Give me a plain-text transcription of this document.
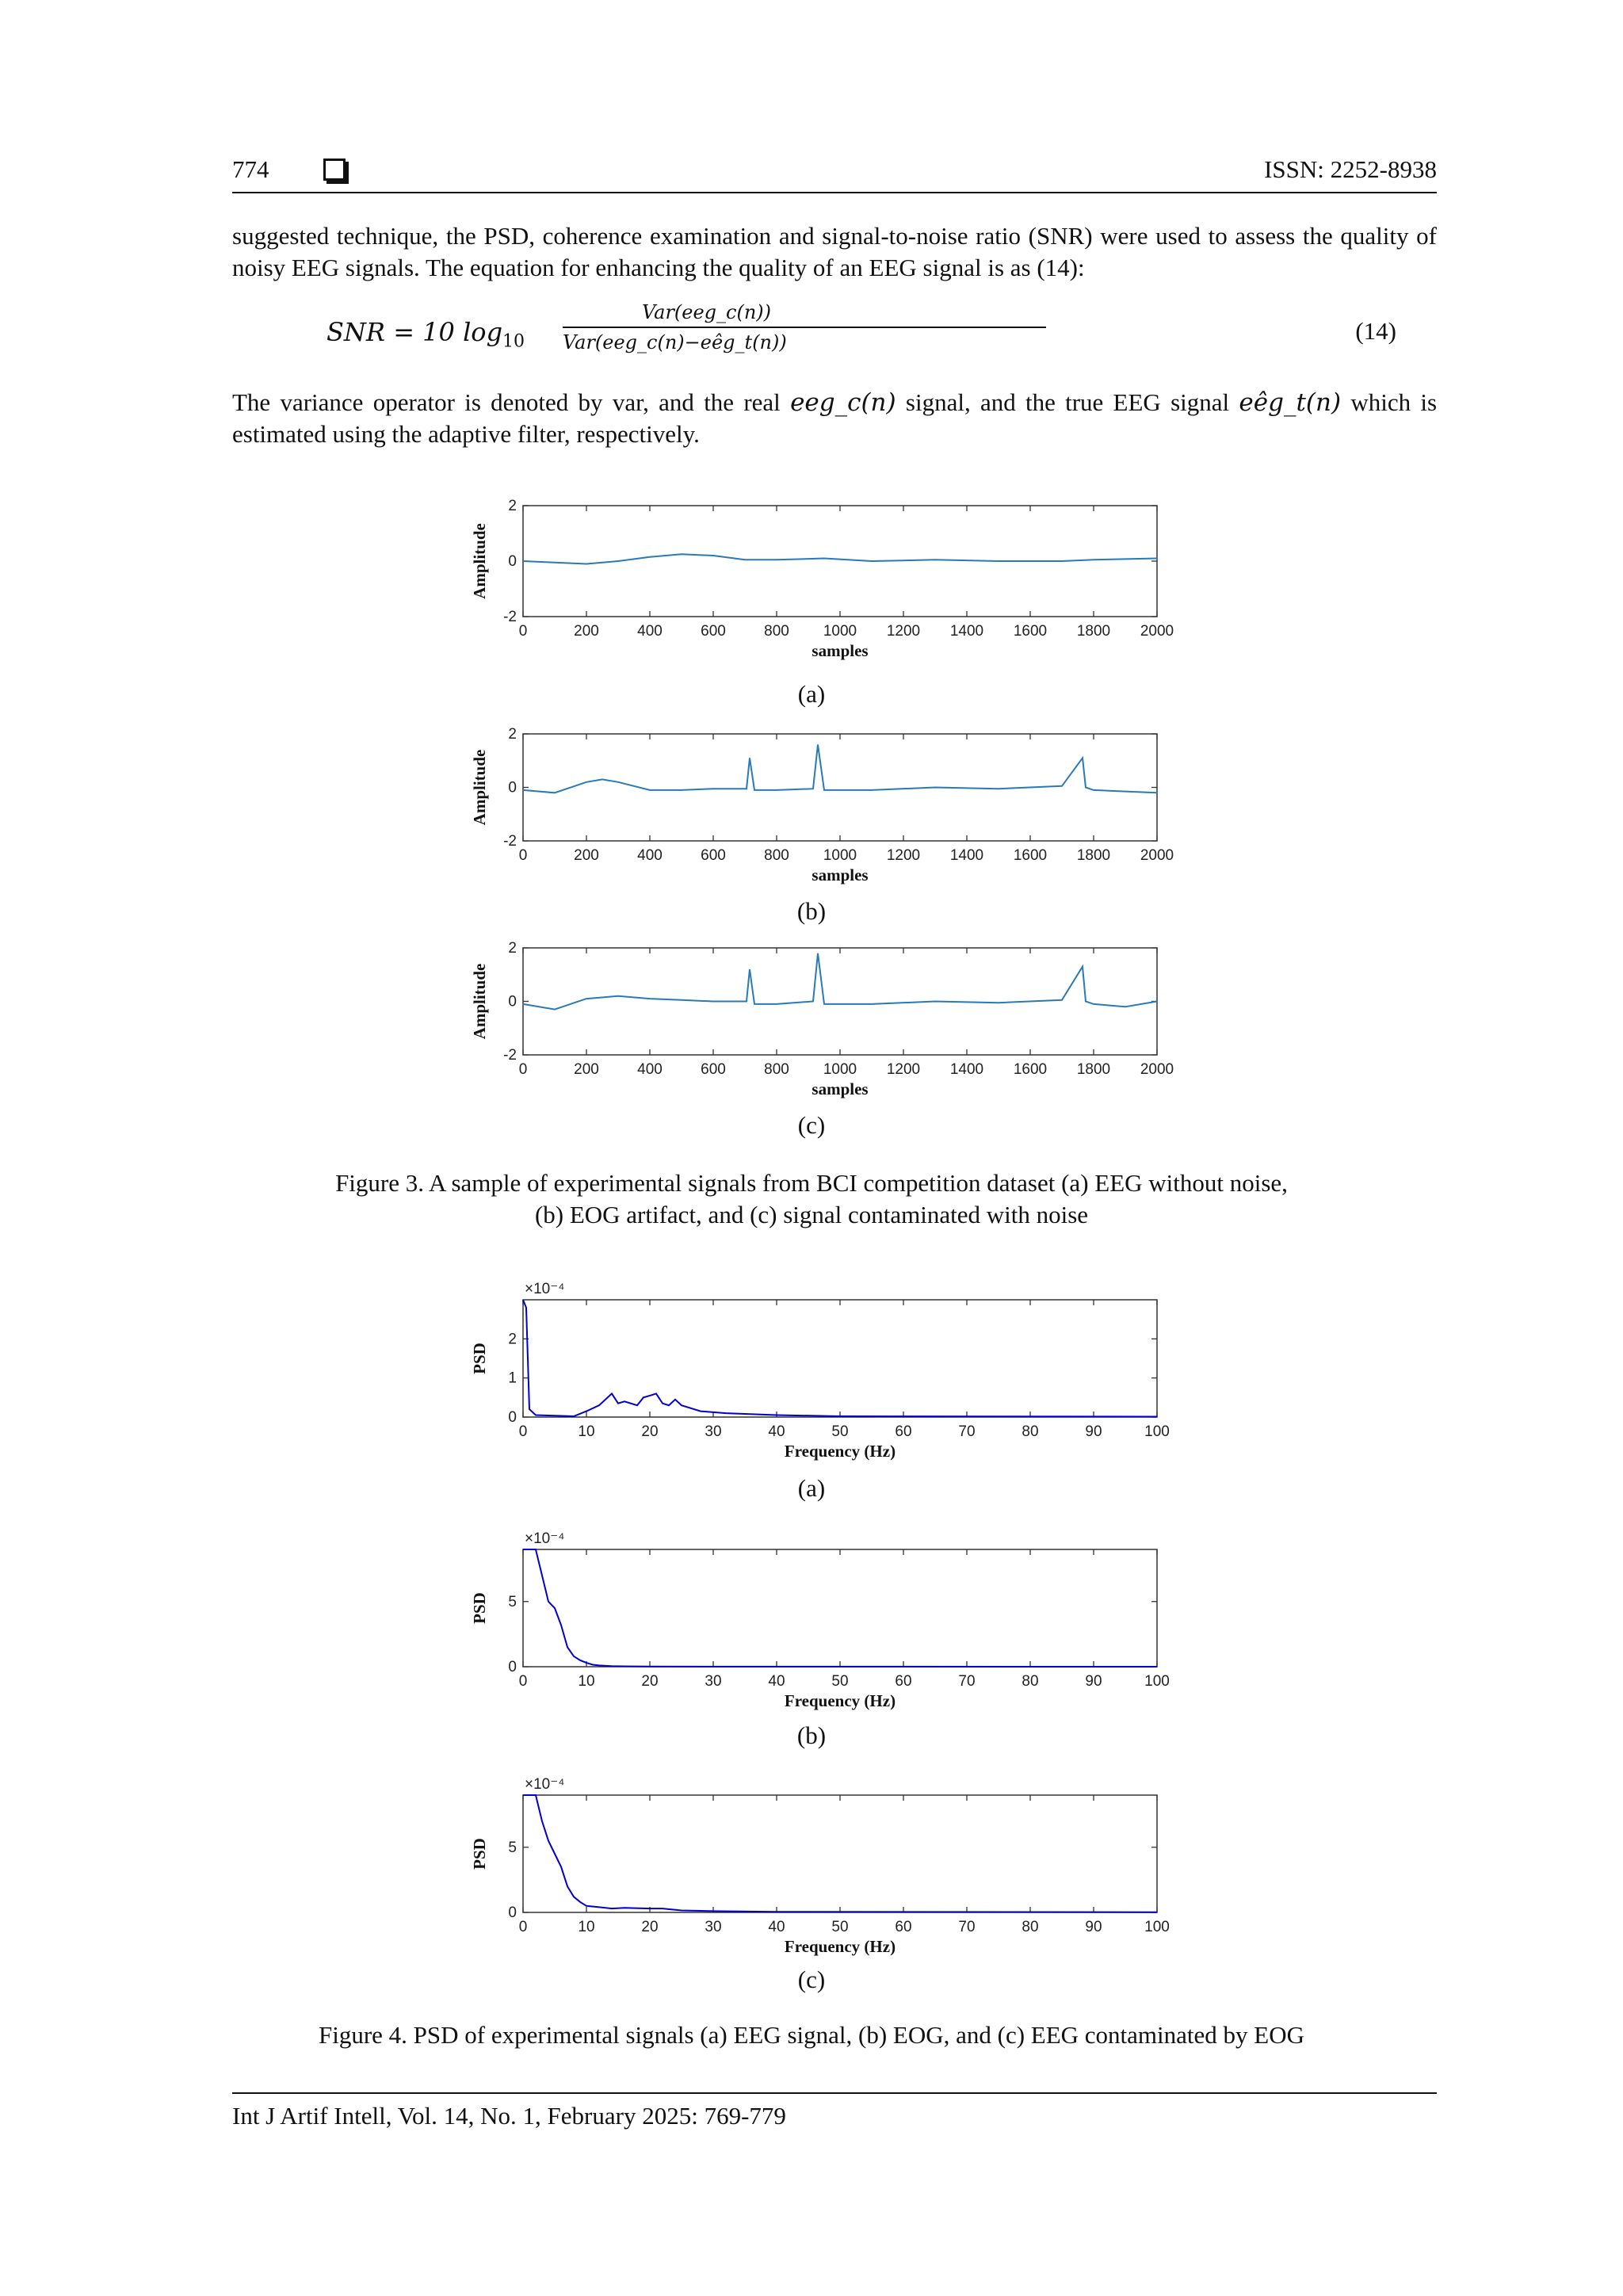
774	ISSN: 2252-8938
suggested technique, the PSD, coherence examination and signal-to-noise ratio (SNR) were used to assess the quality of noisy EEG signals. The equation for enhancing the quality of an EEG signal is as (14):
SNR = 10 $\log_{10}$
Var(eeg_c(n))
Var(eeg_c(n)−eêg_t(n))	(14)
The variance operator is denoted by var, and the real eeg_c(n) signal, and the true EEG signal eêg_t(n) which is estimated using the adaptive filter, respectively.
0	200	400	600	800 1000 1200 1400 1600 1800 2000
-2
0
2
samples
Amplitude
(a)
0	200	400	600	800 1000 1200 1400 1600 1800 2000
-2
0
2
samples
Amplitude
(b)
0	200	400	600	800 1000 1200 1400 1600 1800 2000
-2
0
2
samples
Amplitude
(c)
Figure 3. A sample of experimental signals from BCI competition dataset (a) EEG without noise,
(b) EOG artifact, and (c) signal contaminated with noise
0	10	20	30	40	50	60	70	80	90	100
0
1
2
Frequency (Hz)
PSD
×10⁻⁴
(a)
0	10	20	30	40	50	60	70	80	90	100
0
5
Frequency (Hz)
PSD
×10⁻⁴
(b)
0	10	20	30	40	50	60	70	80	90	100
0
5
Frequency (Hz)
PSD
×10⁻⁴
(c)
Figure 4. PSD of experimental signals (a) EEG signal, (b) EOG, and (c) EEG contaminated by EOG
Int J Artif Intell, Vol. 14, No. 1, February 2025: 769-779
